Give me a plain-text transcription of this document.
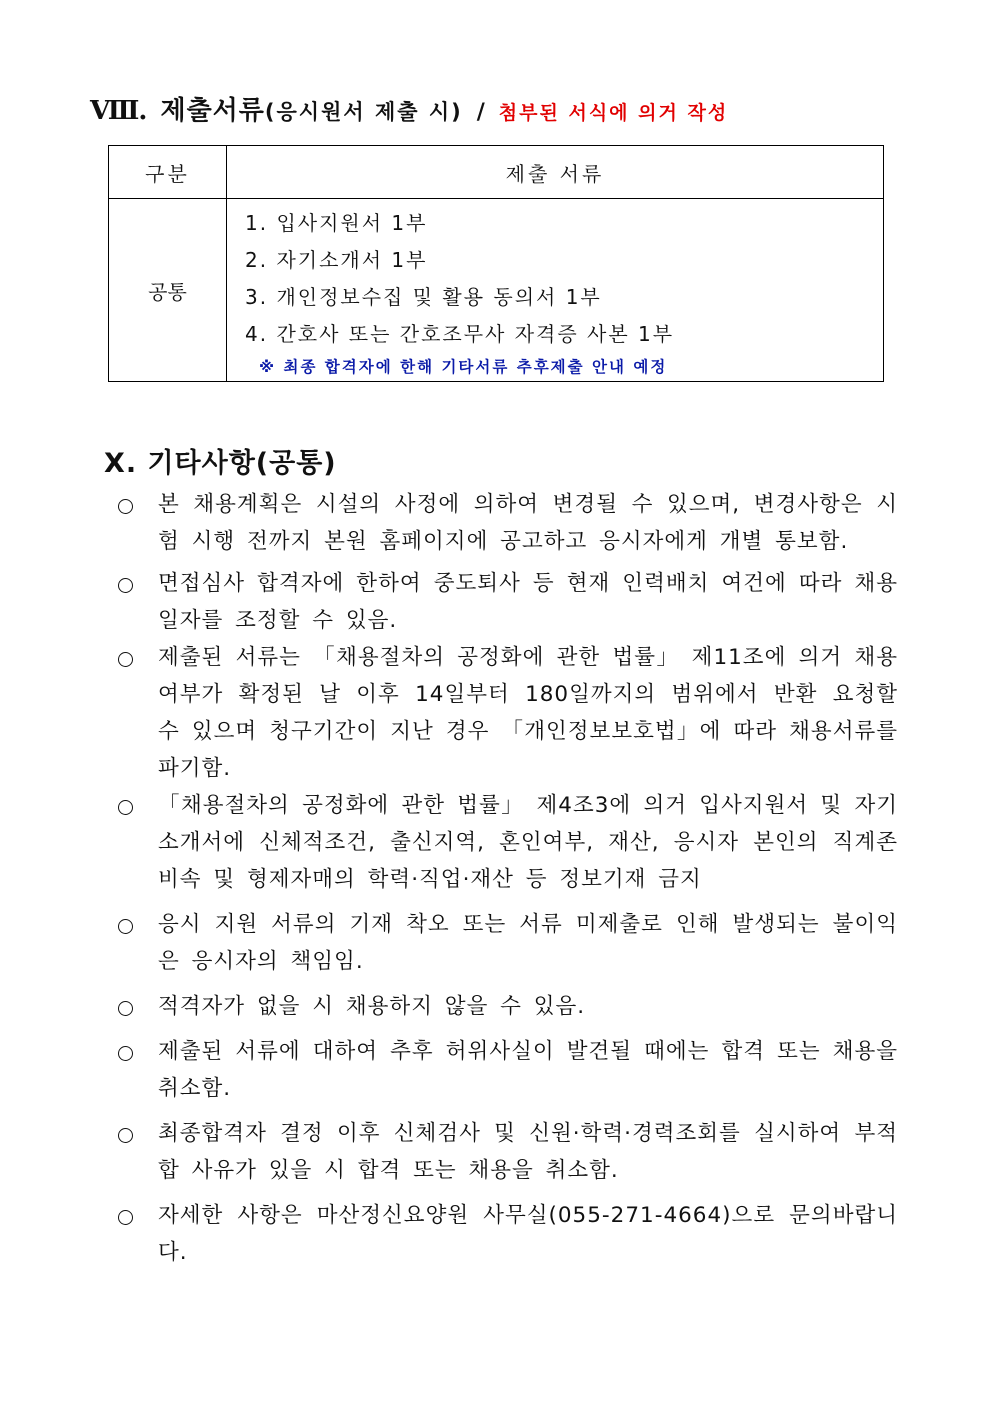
Ⅷ. 제출서류 (응시원서 제출 시) / 첨부된 서식에 의거 작성
구분	제출 서류
공통	1. 입사지원서 1부
2. 자기소개서 1부
3. 개인정보수집 및 활용 동의서 1부
4. 간호사 또는 간호조무사 자격증 사본 1부
※ 최종 합격자에 한해 기타서류 추후제출 안내 예정
Ⅹ. 기타사항(공통)
본 채용계획은 시설의 사정에 의하여 변경될 수 있으며, 변경사항은 시험 시행 전까지 본원 홈페이지에 공고하고 응시자에게 개별 통보함.
면접심사 합격자에 한하여 중도퇴사 등 현재 인력배치 여건에 따라 채용일자를 조정할 수 있음.
제출된 서류는 「채용절차의 공정화에 관한 법률」 제11조에 의거 채용여부가 확정된 날 이후 14일부터 180일까지의 범위에서 반환 요청할 수 있으며 청구기간이 지난 경우 「개인정보보호법」에 따라 채용서류를 파기함.
「채용절차의 공정화에 관한 법률」 제4조3에 의거 입사지원서 및 자기소개서에 신체적조건, 출신지역, 혼인여부, 재산, 응시자 본인의 직계존비속 및 형제자매의 학력·직업·재산 등 정보기재 금지
응시 지원 서류의 기재 착오 또는 서류 미제출로 인해 발생되는 불이익은 응시자의 책임임.
적격자가 없을 시 채용하지 않을 수 있음.
제출된 서류에 대하여 추후 허위사실이 발견될 때에는 합격 또는 채용을 취소함.
최종합격자 결정 이후 신체검사 및 신원·학력·경력조회를 실시하여 부적합 사유가 있을 시 합격 또는 채용을 취소함.
자세한 사항은 마산정신요양원 사무실(055-271-4664)으로 문의바랍니다.
